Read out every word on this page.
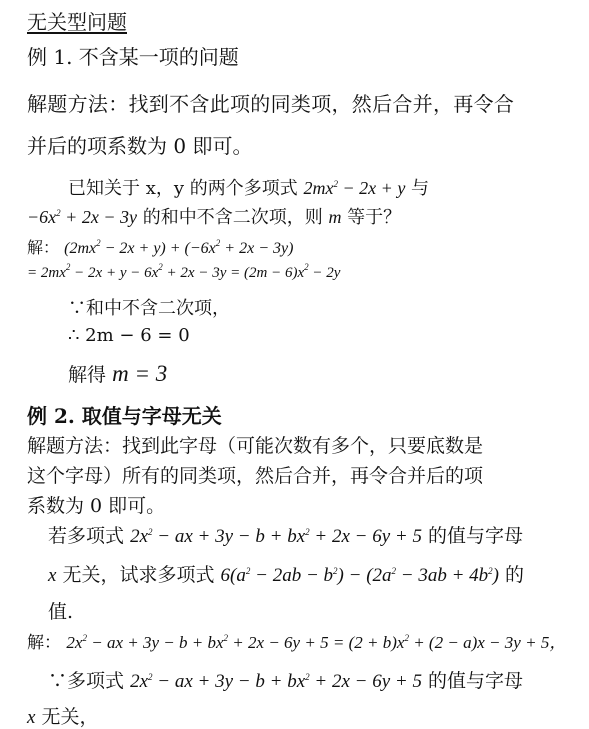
无关型问题
例 1. 不含某一项的问题
解题方法：找到不含此项的同类项，然后合并，再令合
并后的项系数为 0 即可。
已知关于 x，y 的两个多项式 $2mx^2 - 2x + y$ 与
$-6x^2 + 2x - 3y$ 的和中不含二次项，则 m 等于？
解： $(2mx^2 - 2x + y) + (-6x^2 + 2x - 3y)$
= $2mx^2 - 2x + y - 6x^2 + 2x - 3y = (2m - 6)x^2 - 2y$
∵和中不含二次项，
∴ 2m − 6 = 0
解得 m = 3
例 2. 取值与字母无关
解题方法：找到此字母（可能次数有多个，只要底数是
这个字母）所有的同类项，然后合并，再令合并后的项
系数为 0 即可。
若多项式 $2x^2$ − ax + $3y - b + bx^2 + 2x - 6y + 5$ 的值与字母
x 无关，试求多项式 $6(a^2 - 2ab - b^2) - (2a^2 - 3ab + 4b^2)$ 的
值.
解： $2x^2$ − ax + $3y - b + bx^2 + 2x - 6y + 5 = (2 + b)x^2 + (2 - a)x - 3y + 5$，
∵多项式 $2x^2$ − ax + $3y - b + bx^2 + 2x - 6y + 5$ 的值与字母
x 无关，
